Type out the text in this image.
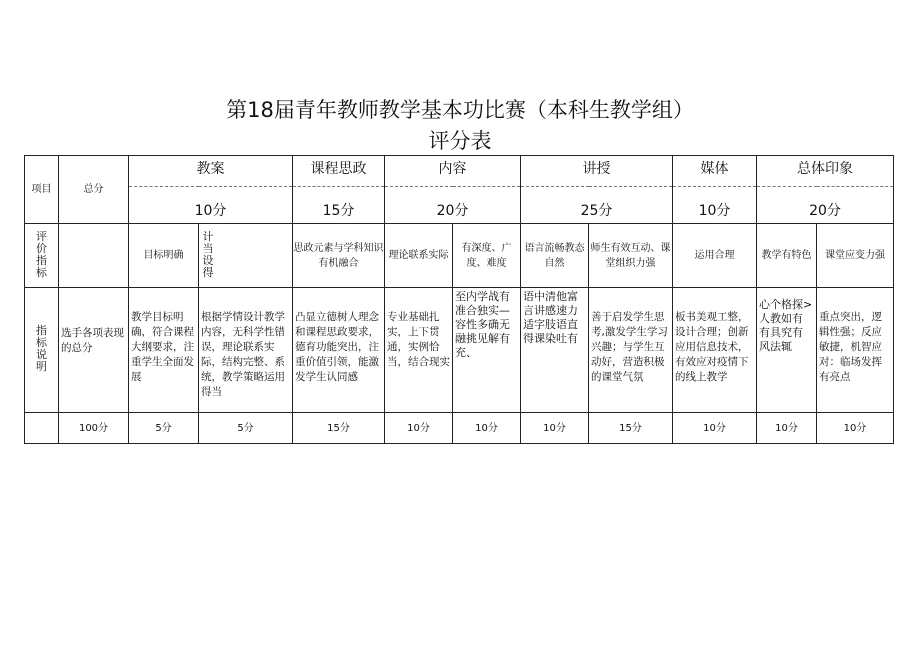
第18届青年教师教学基本功比赛（本科生教学组）
评分表
项目	总分	教案		课程思政	内容		讲授		媒体	总体印象	
		10分		15分	20分		25分		10分	20分	
评价指标		目标明确	计当设得	思政元素与学科知识有机融合	理论联系实际	有深度、广度、难度	语言流畅教态自然	师生有效互动、课堂组织力强	运用合理	教学有特色	课堂应变力强
指标说明	选手各项表现的总分	教学目标明确，符合课程大纲要求，注重学生全面发展	根据学情设计教学内容，无科学性错误，理论联系实际，结构完整、系统，教学策略运用得当	凸显立德树人理念和课程思政要求，德育功能突出，注重价值引领，能激发学生认同感	专业基础扎实，上下贯通，实例恰当，结合现实	至内学战有准合独实—容性多确无融挑见解有充、	语中清他富言讲感速力适字肢语直得课染吐有	善于启发学生思考,激发学生学习兴趣；与学生互动好，营造积极的课堂气氛	板书美观工整，设计合理；创新应用信息技术，有效应对疫情下的线上教学	心个格探>人教如有有具究有风法辄	重点突出，逻辑性强；反应敏捷，机智应对：临场发挥有亮点
	100分	5分	5分	15分	10分	10分	10分	15分	10分	10分	10分
